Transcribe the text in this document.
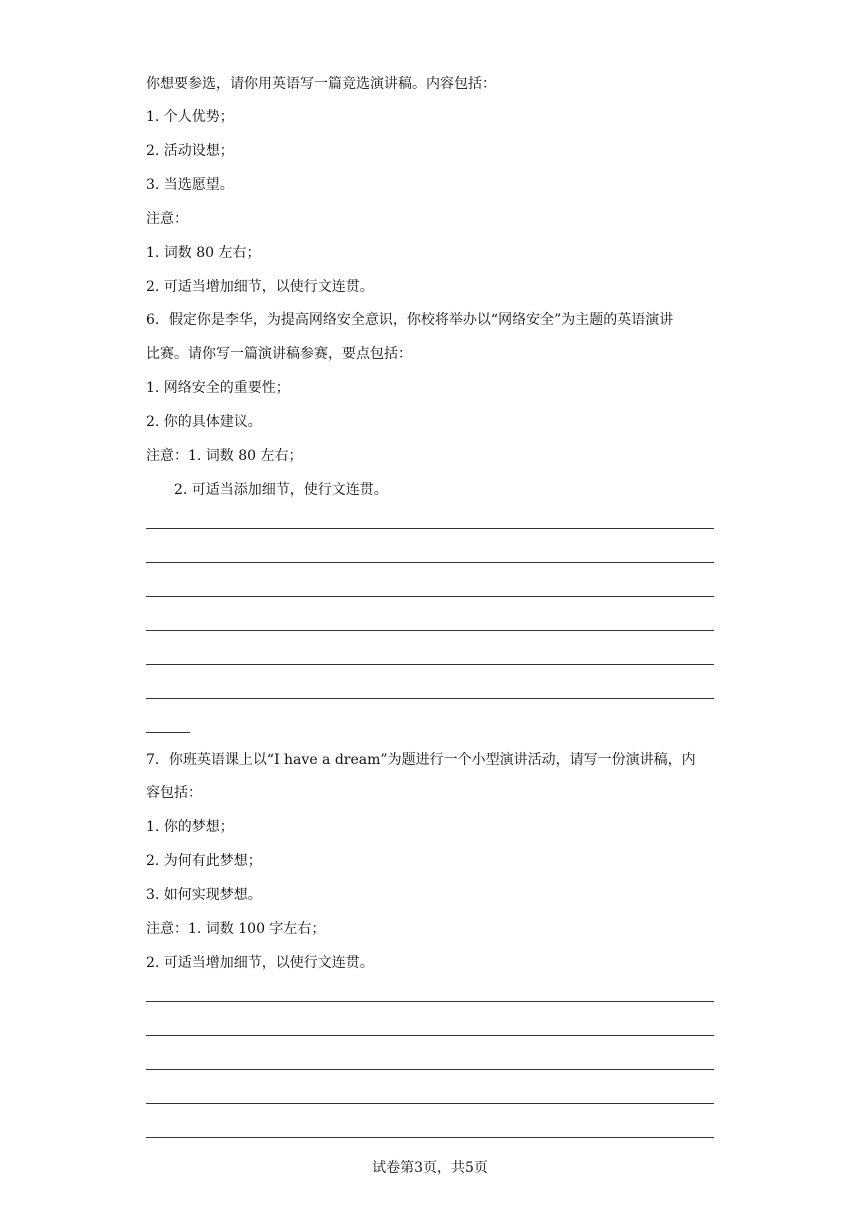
你想要参选，请你用英语写一篇竞选演讲稿。内容包括：
1. 个人优势；
2. 活动设想；
3. 当选愿望。
注意：
1. 词数 80 左右；
2. 可适当增加细节，以使行文连贯。
6．假定你是李华，为提高网络安全意识，你校将举办以“网络安全”为主题的英语演讲
比赛。请你写一篇演讲稿参赛，要点包括：
1. 网络安全的重要性；
2. 你的具体建议。
注意：1. 词数 80 左右；
2. 可适当添加细节，使行文连贯。
7．你班英语课上以“I have a dream”为题进行一个小型演讲活动，请写一份演讲稿，内
容包括：
1. 你的梦想；
2. 为何有此梦想；
3. 如何实现梦想。
注意：1. 词数 100 字左右；
2. 可适当增加细节，以使行文连贯。
试卷第3页，共5页
